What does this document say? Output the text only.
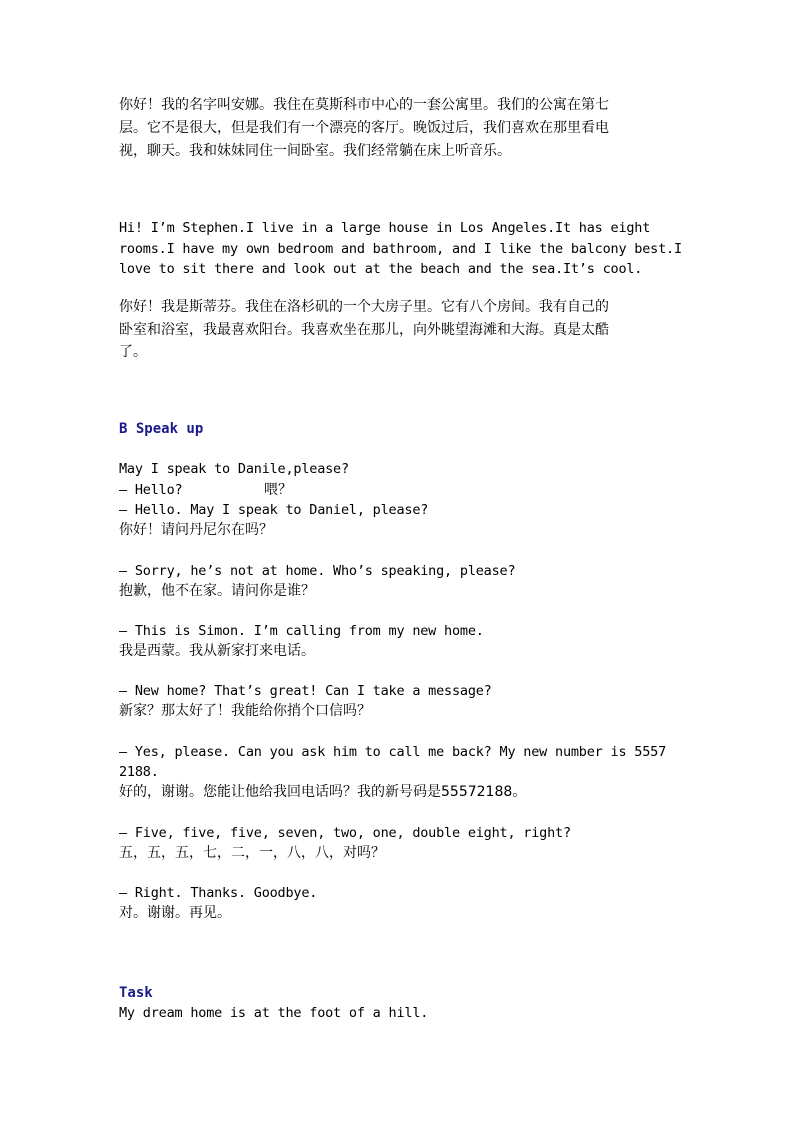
你好！我的名字叫安娜。我住在莫斯科市中心的一套公寓里。我们的公寓在第七
层。它不是很大，但是我们有一个漂亮的客厅。晚饭过后，我们喜欢在那里看电
视，聊天。我和妹妹同住一间卧室。我们经常躺在床上听音乐。
Hi! I’m Stephen.I live in a large house in Los Angeles.It has eight
rooms.I have my own bedroom and bathroom, and I like the balcony best.I
love to sit there and look out at the beach and the sea.It’s cool.
你好！我是斯蒂芬。我住在洛杉矶的一个大房子里。它有八个房间。我有自己的
卧室和浴室，我最喜欢阳台。我喜欢坐在那儿，向外眺望海滩和大海。真是太酷
了。
B Speak up
May I speak to Danile,please?
– Hello?	喂？
– Hello. May I speak to Daniel, please?
你好！请问丹尼尔在吗？
– Sorry, he’s not at home. Who’s speaking, please?
抱歉，他不在家。请问你是谁？
– This is Simon. I’m calling from my new home.
我是西蒙。我从新家打来电话。
– New home? That’s great! Can I take a message?
新家？那太好了！我能给你捎个口信吗？
– Yes, please. Can you ask him to call me back? My new number is 5557
2188.
好的，谢谢。您能让他给我回电话吗？我的新号码是55572188。
– Five, five, five, seven, two, one, double eight, right?
五，五，五，七，二，一，八，八，对吗？
– Right. Thanks. Goodbye.
对。谢谢。再见。
Task
My dream home is at the foot of a hill.
